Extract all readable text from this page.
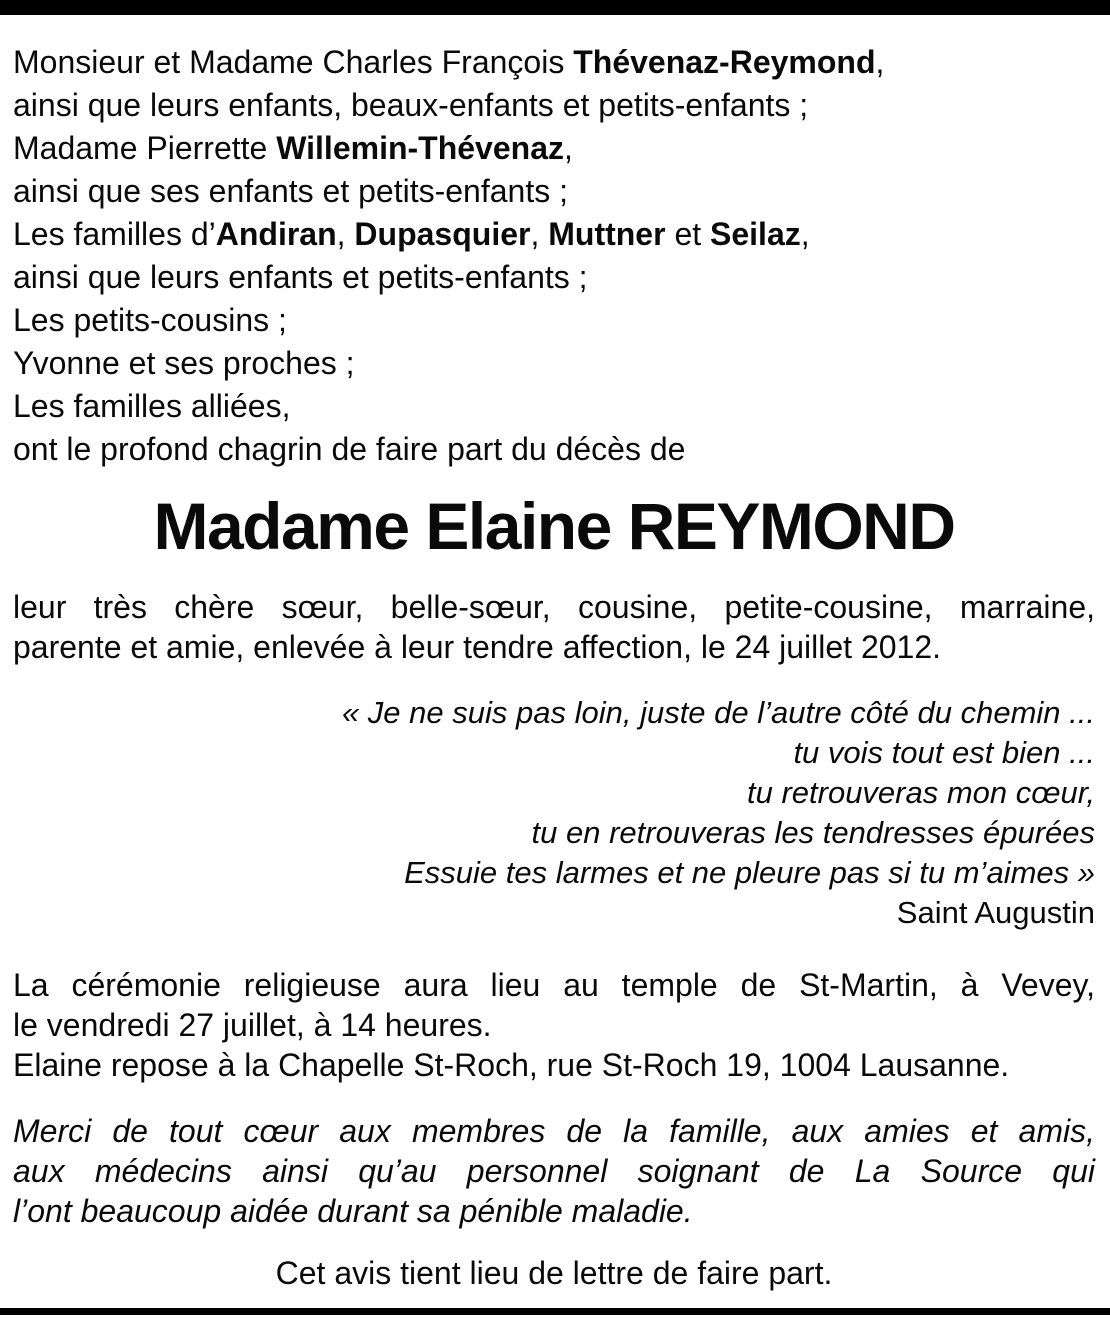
Monsieur et Madame Charles François Thévenaz-Reymond,
ainsi que leurs enfants, beaux-enfants et petits-enfants ;
Madame Pierrette Willemin-Thévenaz,
ainsi que ses enfants et petits-enfants ;
Les familles d’Andiran, Dupasquier, Muttner et Seilaz,
ainsi que leurs enfants et petits-enfants ;
Les petits-cousins ;
Yvonne et ses proches ;
Les familles alliées,
ont le profond chagrin de faire part du décès de
Madame Elaine REYMOND
leur très chère sœur, belle-sœur, cousine, petite-cousine, marraine,
parente et amie, enlevée à leur tendre affection, le 24 juillet 2012.
« Je ne suis pas loin, juste de l’autre côté du chemin ...
tu vois tout est bien ...
tu retrouveras mon cœur,
tu en retrouveras les tendresses épurées
Essuie tes larmes et ne pleure pas si tu m’aimes »
Saint Augustin
La cérémonie religieuse aura lieu au temple de St-Martin, à Vevey,
le vendredi 27 juillet, à 14 heures.
Elaine repose à la Chapelle St-Roch, rue St-Roch 19, 1004 Lausanne.
Merci de tout cœur aux membres de la famille, aux amies et amis,
aux médecins ainsi qu’au personnel soignant de La Source qui
l’ont beaucoup aidée durant sa pénible maladie.
Cet avis tient lieu de lettre de faire part.
